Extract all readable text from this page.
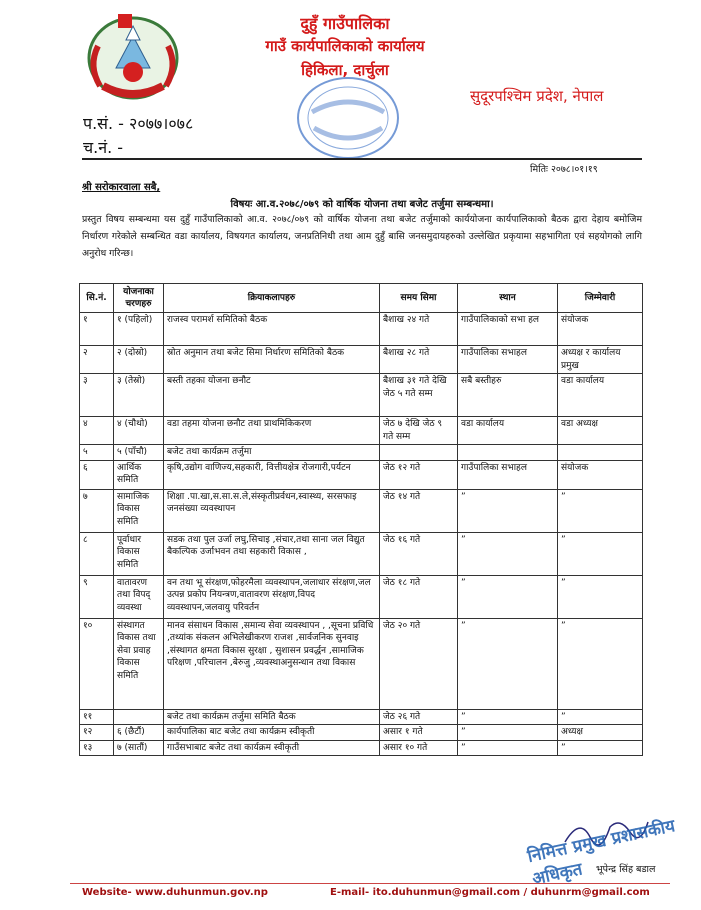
दुहुँ गाउँपालिका
गाउँ कार्यपालिकाको कार्यालय
हिकिला, दार्चुला
सुदूरपश्चिम प्रदेश, नेपाल
प.सं. - २०७७।०७८
च.नं. -
मितिः २०७८।०१।१९
श्री सरोकारवाला सबै,
विषयः आ.व.२०७८/०७९ को वार्षिक योजना तथा बजेट तर्जुमा सम्बन्धमा।
प्रस्तुत विषय सम्बन्धमा यस दुहुँ गाउँपालिकाको आ.व. २०७८/०७९ को वार्षिक योजना तथा बजेट तर्जुमाको कार्ययोजना कार्यपालिकाको बैठक द्वारा देहाय बमोजिम निर्धारण गरेकोले सम्बन्धित वडा कार्यालय, विषयगत कार्यालय, जनप्रतिनिधी तथा आम दुहुँ बासि जनसमुदायहरुको उल्लेखित प्रकृयामा सहभागिता एवं सहयोगको लागि अनुरोध गरिन्छ।
सि.नं.	योजनाका चरणहरु	क्रियाकलापहरु	समय सिमा	स्थान	जिम्मेवारी
१	१ (पहिलो)	राजस्व परामर्श समितिको बैठक	बैशाख २४ गते	गाउँपालिकाको सभा हल	संयोजक
२	२ (दोस्रो)	स्रोत अनुमान तथा बजेट सिमा निर्धारण समितिको बैठक	बैशाख २८ गते	गाउँपालिका सभाहल	अध्यक्ष र कार्यालय प्रमुख
३	३ (तेस्रो)	बस्ती तहका योजना छनौट	बैशाख ३१ गते देखि जेठ ५ गते सम्म	सबै बस्तीहरु	वडा कार्यालय
४	४ (चौथो)	वडा तहमा योजना छनौट तथा प्राथमिकिकरण	जेठ ७ देखि जेठ ९ गते सम्म	वडा कार्यालय	वडा अध्यक्ष
५	५ (पाँचौ)	बजेट तथा कार्यक्रम तर्जुमा			
६	आर्थिक समिति	कृषि,उद्योग वाणिज्य,सहकारी, वित्तीयक्षेत्र रोजगारी,पर्यटन	जेठ १२ गते	गाउँपालिका सभाहल	संयोजक
७	सामाजिक विकास समिति	शिक्षा .पा.खा,स.सा.स.ले,संस्कृतीप्रर्वधन,स्वास्थ्य, सरसफाइ जनसंख्या व्यवस्थापन	जेठ १४ गते	”	”
८	पूर्वाधार विकास समिति	सडक तथा पुल उर्जा लघु,सिचाइ ,संचार,तथा साना जल विद्युत बैकल्पिक उर्जाभवन तथा सहकारी विकास ,	जेठ १६ गते	”	”
९	वातावरण तथा विपद् व्यवस्था	वन तथा भू संरक्षण,फोहरमैला व्यवस्थापन,जलाधार संरक्षण,जल उत्पन्न प्रकोप नियन्त्रण,वातावरण संरक्षण,विपद व्यवस्थापन,जलवायु परिवर्तन	जेठ १८ गते	”	”
१०	संस्थागत विकास तथा सेवा प्रवाह विकास समिति	मानव संसाधन विकास ,समान्य सेवा व्यवस्थापन , ,सूचना प्रविधि ,तथ्यांक संकलन अभिलेखीकरण राजश ,सार्वजनिक सुनवाइ ,संस्थागत क्षमता विकास सुरक्षा , सुशासन प्रवर्द्धन ,सामाजिक परिक्षण ,परिचालन ,बेरुजु ,व्यवस्थाअनुसन्धान तथा विकास	जेठ २० गते	”	”
११		बजेट तथा कार्यक्रम तर्जुमा समिति बैठक	जेठ २६ गते	”	”
१२	६ (छैटौं)	कार्यपालिका बाट बजेट तथा कार्यक्रम स्वीकृती	असार १ गते	”	अध्यक्ष
१३	७ (सातौं)	गाउँसभाबाट बजेट तथा कार्यक्रम स्वीकृती	असार १० गते	”	”
निमित्त प्रमुख प्रशासकीय अधिकृत	भूपेन्द्र सिंह बडाल
Website- www.duhunmun.gov.np	E-mail- ito.duhunmun@gmail.com / duhunrm@gmail.com
